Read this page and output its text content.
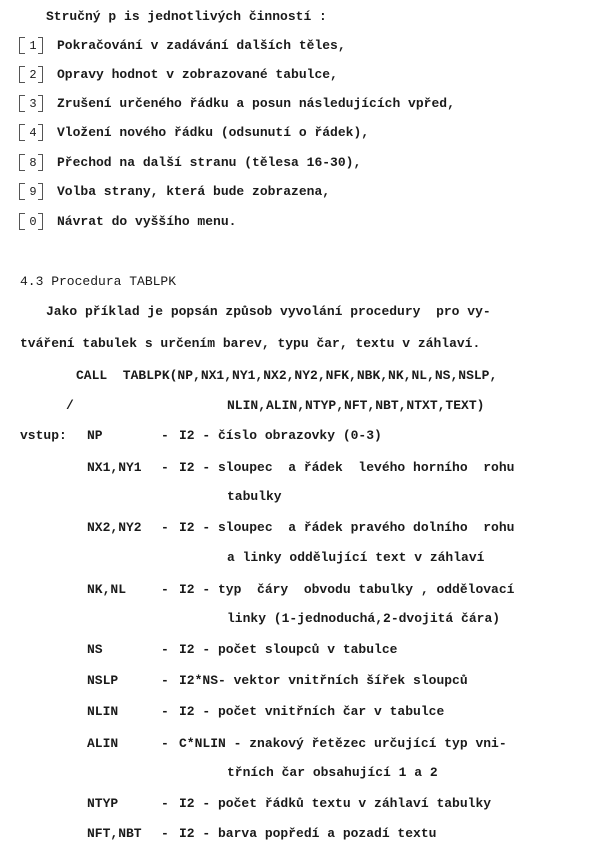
Stručný p is jednotlivých činností :
1	Pokračování v zadávání dalších těles,
2	Opravy hodnot v zobrazované tabulce,
3	Zrušení určeného řádku a posun následujících vpřed,
4	Vložení nového řádku (odsunutí o řádek),
8	Přechod na další stranu (tělesa 16-30),
9	Volba strany, která bude zobrazena,
0	Návrat do vyššího menu.
4.3 Procedura TABLPK
Jako příklad je popsán způsob vyvolání procedury  pro vy-
tváření tabulek s určením barev, typu čar, textu v záhlaví.
CALL  TABLPK(NP,NX1,NY1,NX2,NY2,NFK,NBK,NK,NL,NS,NSLP,
/	NLIN,ALIN,NTYP,NFT,NBT,NTXT,TEXT)
vstup: NP	- I2 - číslo obrazovky (0-3)
NX1,NY1 - I2 - sloupec  a řádek  levého horního  rohu
tabulky
NX2,NY2 - I2 - sloupec  a řádek pravého dolního  rohu
a linky oddělující text v záhlaví
NK,NL	- I2 - typ  čáry  obvodu tabulky , oddělovací
linky (1-jednoduchá,2-dvojitá čára)
NS	- I2 - počet sloupců v tabulce
NSLP	- I2*NS- vektor vnitřních šířek sloupců
NLIN	- I2 - počet vnitřních čar v tabulce
ALIN	- C*NLIN - znakový řetězec určující typ vni-
třních čar obsahující 1 a 2
NTYP	- I2 - počet řádků textu v záhlaví tabulky
NFT,NBT - I2 - barva popředí a pozadí textu
